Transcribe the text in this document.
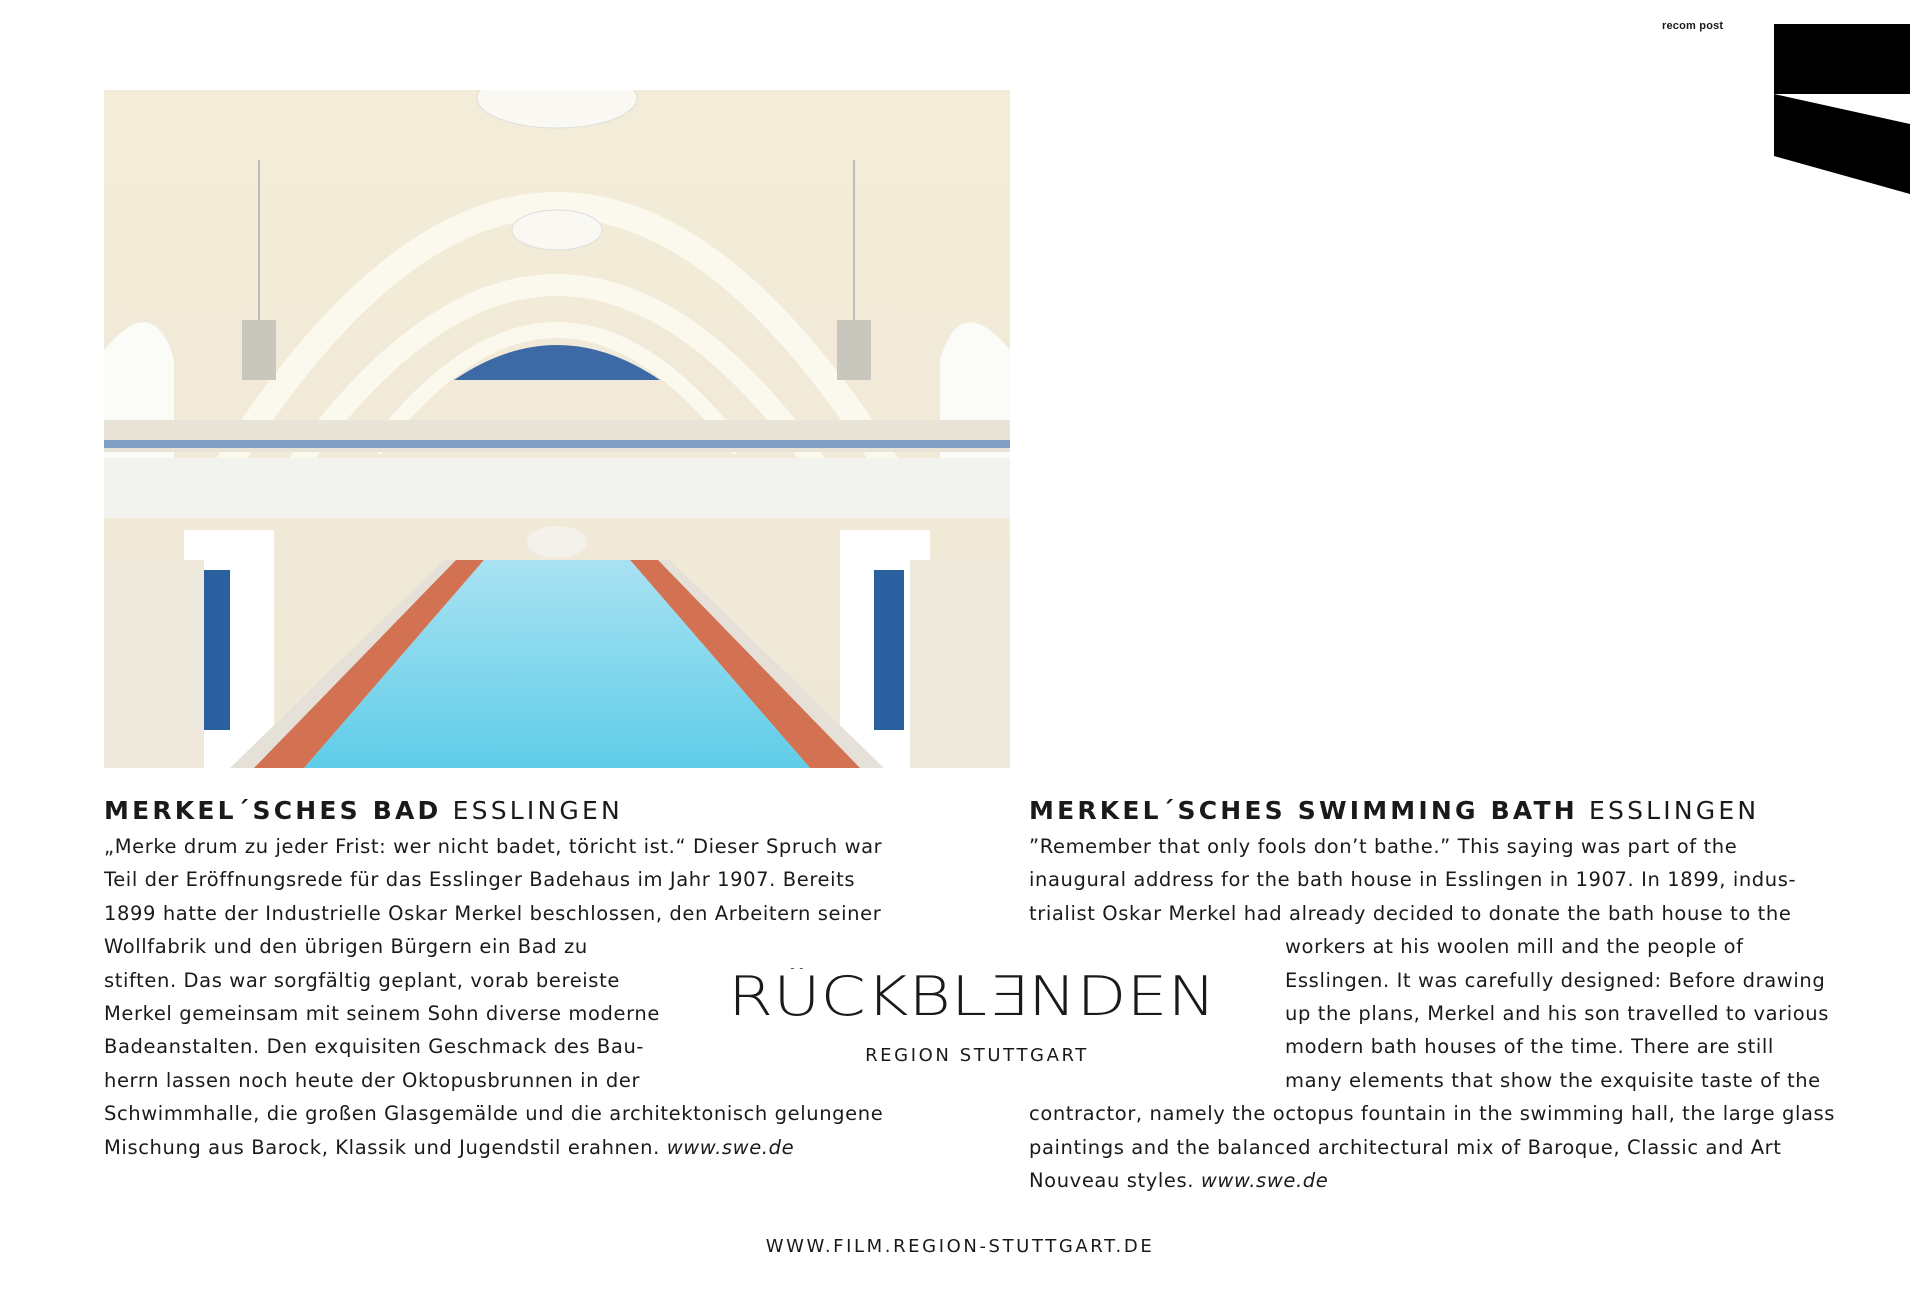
recom post
MERKEL´SCHES BAD ESSLINGEN
„Merke drum zu jeder Frist: wer nicht badet, töricht ist.“ Dieser Spruch war
Teil der Eröffnungsrede für das Esslinger Badehaus im Jahr 1907. Bereits
1899 hatte der Industrielle Oskar Merkel beschlossen, den Arbeitern seiner
Wollfabrik und den übrigen Bürgern ein Bad zu
stiften. Das war sorgfältig geplant, vorab bereiste
Merkel gemeinsam mit seinem Sohn diverse moderne
Badeanstalten. Den exquisiten Geschmack des Bau-
herrn lassen noch heute der Oktopusbrunnen in der
Schwimmhalle, die großen Glasgemälde und die architektonisch gelungene
Mischung aus Barock, Klassik und Jugendstil erahnen. www.swe.de
MERKEL´SCHES SWIMMING BATH ESSLINGEN
”Remember that only fools don’t bathe.” This saying was part of the
inaugural address for the bath house in Esslingen in 1907. In 1899, indus-
trialist Oskar Merkel had already decided to donate the bath house to the
workers at his woolen mill and the people of
Esslingen. It was carefully designed: Before drawing
up the plans, Merkel and his son travelled to various
modern bath houses of the time. There are still
many elements that show the exquisite taste of the
contractor, namely the octopus fountain in the swimming hall, the large glass
paintings and the balanced architectural mix of Baroque, Classic and Art
Nouveau styles. www.swe.de
RÜCKBLƎNDEN
REGION STUTTGART
WWW.FILM.REGION-STUTTGART.DE
